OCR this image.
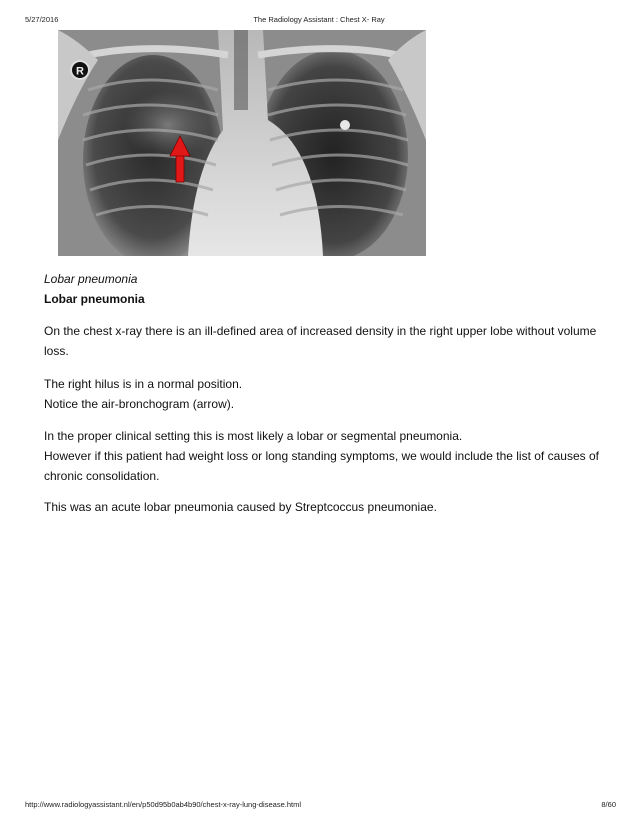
5/27/2016	The Radiology Assistant : Chest X- Ray
R
Lobar pneumonia
Lobar pneumonia
On the chest x-ray there is an ill-defined area of increased density in the right upper lobe without volume loss.
The right hilus is in a normal position.
Notice the air-bronchogram (arrow).
In the proper clinical setting this is most likely a lobar or segmental pneumonia.
However if this patient had weight loss or long standing symptoms, we would include the list of causes of chronic consolidation.
This was an acute lobar pneumonia caused by Streptcoccus pneumoniae.
http://www.radiologyassistant.nl/en/p50d95b0ab4b90/chest-x-ray-lung-disease.html	8/60
